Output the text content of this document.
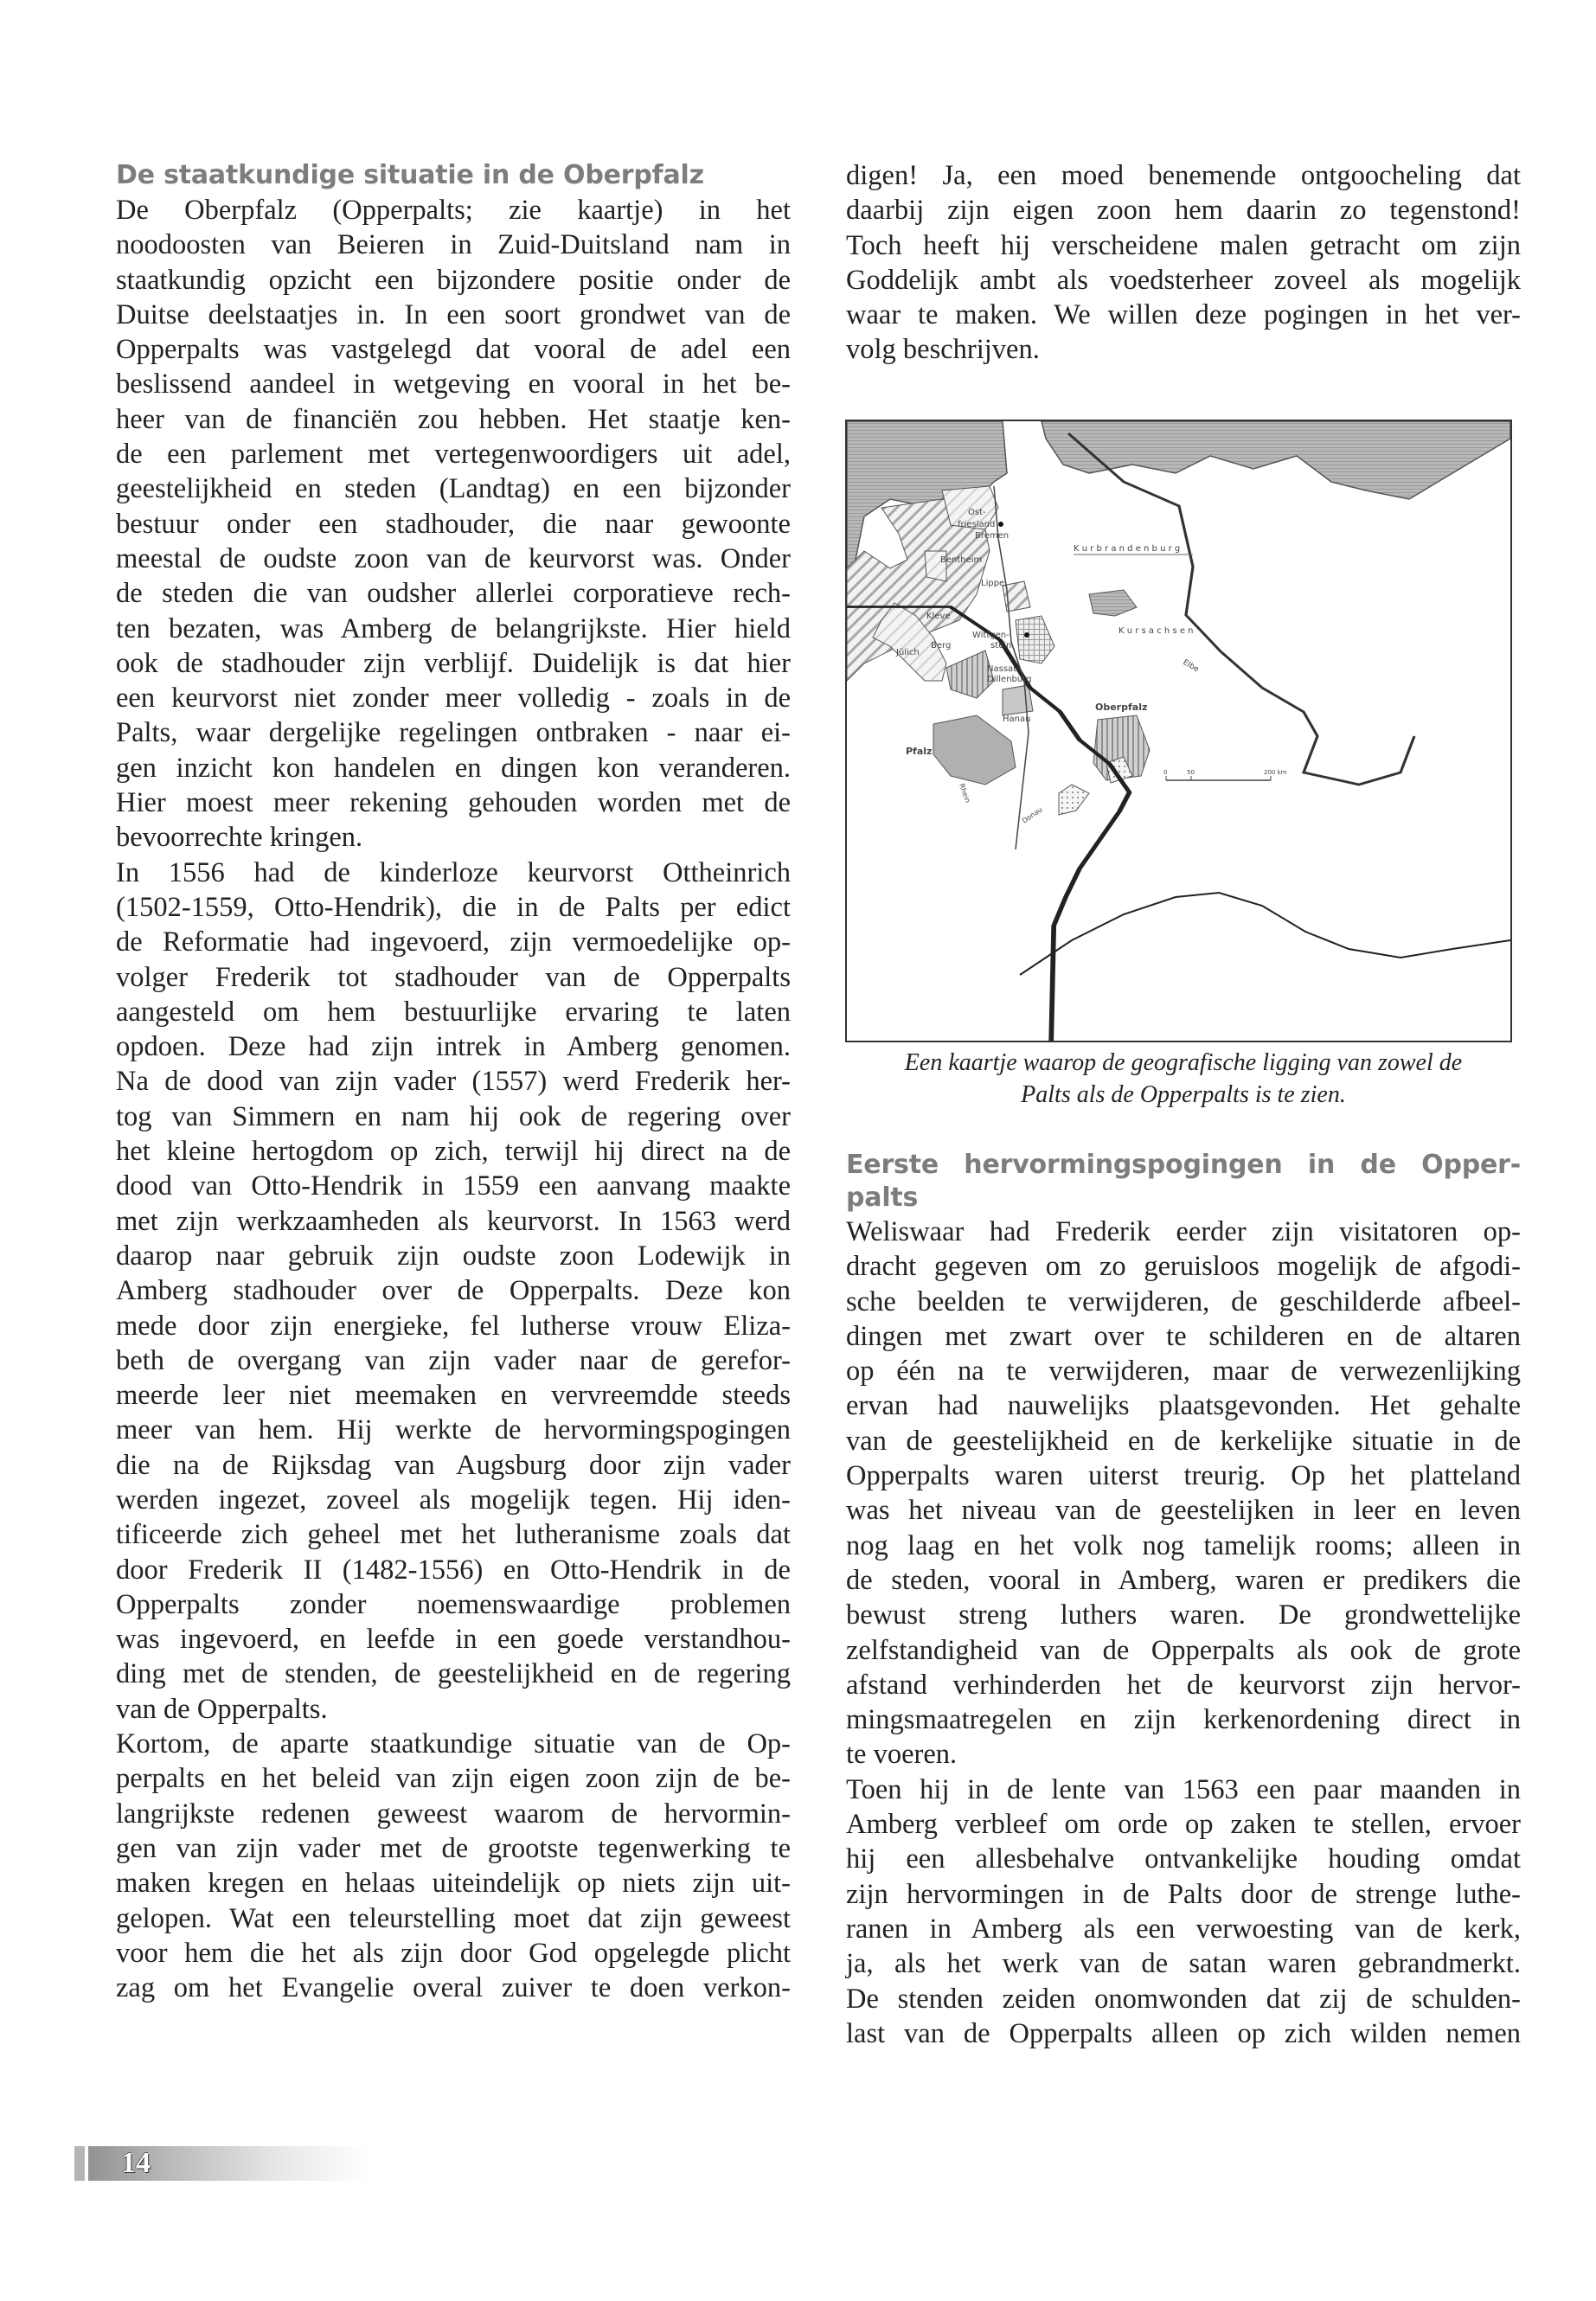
De staatkundige situatie in de Oberpfalz
De Oberpfalz (Opperpalts; zie kaartje) in het
noodoosten van Beieren in Zuid-Duitsland nam in
staatkundig opzicht een bijzondere positie onder de
Duitse deelstaatjes in. In een soort grondwet van de
Opperpalts was vastgelegd dat vooral de adel een
beslissend aandeel in wetgeving en vooral in het be-
heer van de financiën zou hebben. Het staatje ken-
de een parlement met vertegenwoordigers uit adel,
geestelijkheid en steden (Landtag) en een bijzonder
bestuur onder een stadhouder, die naar gewoonte
meestal de oudste zoon van de keurvorst was. Onder
de steden die van oudsher allerlei corporatieve rech-
ten bezaten, was Amberg de belangrijkste. Hier hield
ook de stadhouder zijn verblijf. Duidelijk is dat hier
een keurvorst niet zonder meer volledig - zoals in de
Palts, waar dergelijke regelingen ontbraken - naar ei-
gen inzicht kon handelen en dingen kon veranderen.
Hier moest meer rekening gehouden worden met de
bevoorrechte kringen.
In 1556 had de kinderloze keurvorst Ottheinrich
(1502-1559, Otto-Hendrik), die in de Palts per edict
de Reformatie had ingevoerd, zijn vermoedelijke op-
volger Frederik tot stadhouder van de Opperpalts
aangesteld om hem bestuurlijke ervaring te laten
opdoen. Deze had zijn intrek in Amberg genomen.
Na de dood van zijn vader (1557) werd Frederik her-
tog van Simmern en nam hij ook de regering over
het kleine hertogdom op zich, terwijl hij direct na de
dood van Otto-Hendrik in 1559 een aanvang maakte
met zijn werkzaamheden als keurvorst. In 1563 werd
daarop naar gebruik zijn oudste zoon Lodewijk in
Amberg stadhouder over de Opperpalts. Deze kon
mede door zijn energieke, fel lutherse vrouw Eliza-
beth de overgang van zijn vader naar de gerefor-
meerde leer niet meemaken en vervreemdde steeds
meer van hem. Hij werkte de hervormingspogingen
die na de Rijksdag van Augsburg door zijn vader
werden ingezet, zoveel als mogelijk tegen. Hij iden-
tificeerde zich geheel met het lutheranisme zoals dat
door Frederik II (1482-1556) en Otto-Hendrik in de
Opperpalts zonder noemenswaardige problemen
was ingevoerd, en leefde in een goede verstandhou-
ding met de stenden, de geestelijkheid en de regering
van de Opperpalts.
Kortom, de aparte staatkundige situatie van de Op-
perpalts en het beleid van zijn eigen zoon zijn de be-
langrijkste redenen geweest waarom de hervormin-
gen van zijn vader met de grootste tegenwerking te
maken kregen en helaas uiteindelijk op niets zijn uit-
gelopen. Wat een teleurstelling moet dat zijn geweest
voor hem die het als zijn door God opgelegde plicht
zag om het Evangelie overal zuiver te doen verkon-
digen! Ja, een moed benemende ontgoocheling dat
daarbij zijn eigen zoon hem daarin zo tegenstond!
Toch heeft hij verscheidene malen getracht om zijn
Goddelijk ambt als voedsterheer zoveel als mogelijk
waar te maken. We willen deze pogingen in het ver-
volg beschrijven.
Ost-
friesland
Bremen
K u r b r a n d e n b u r g
Bentheim
Lippe
Kleve
Wittgen-
stein
Berg
Jülich
K u r s a c h s e n
Elbe
Nassau-
Dillenburg
Hanau
Oberpfalz
Pfalz
Rhein
Donau
0	50	200 km
Een kaartje waarop de geografische ligging van zowel de
Palts als de Opperpalts is te zien.
Eerste hervormingspogingen in de Opper-
palts
Weliswaar had Frederik eerder zijn visitatoren op-
dracht gegeven om zo geruisloos mogelijk de afgodi-
sche beelden te verwijderen, de geschilderde afbeel-
dingen met zwart over te schilderen en de altaren
op één na te verwijderen, maar de verwezenlijking
ervan had nauwelijks plaatsgevonden. Het gehalte
van de geestelijkheid en de kerkelijke situatie in de
Opperpalts waren uiterst treurig. Op het platteland
was het niveau van de geestelijken in leer en leven
nog laag en het volk nog tamelijk rooms; alleen in
de steden, vooral in Amberg, waren er predikers die
bewust streng luthers waren. De grondwettelijke
zelfstandigheid van de Opperpalts als ook de grote
afstand verhinderden het de keurvorst zijn hervor-
mingsmaatregelen en zijn kerkenordening direct in
te voeren.
Toen hij in de lente van 1563 een paar maanden in
Amberg verbleef om orde op zaken te stellen, ervoer
hij een allesbehalve ontvankelijke houding omdat
zijn hervormingen in de Palts door de strenge luthe-
ranen in Amberg als een verwoesting van de kerk,
ja, als het werk van de satan waren gebrandmerkt.
De stenden zeiden onomwonden dat zij de schulden-
last van de Opperpalts alleen op zich wilden nemen
14
